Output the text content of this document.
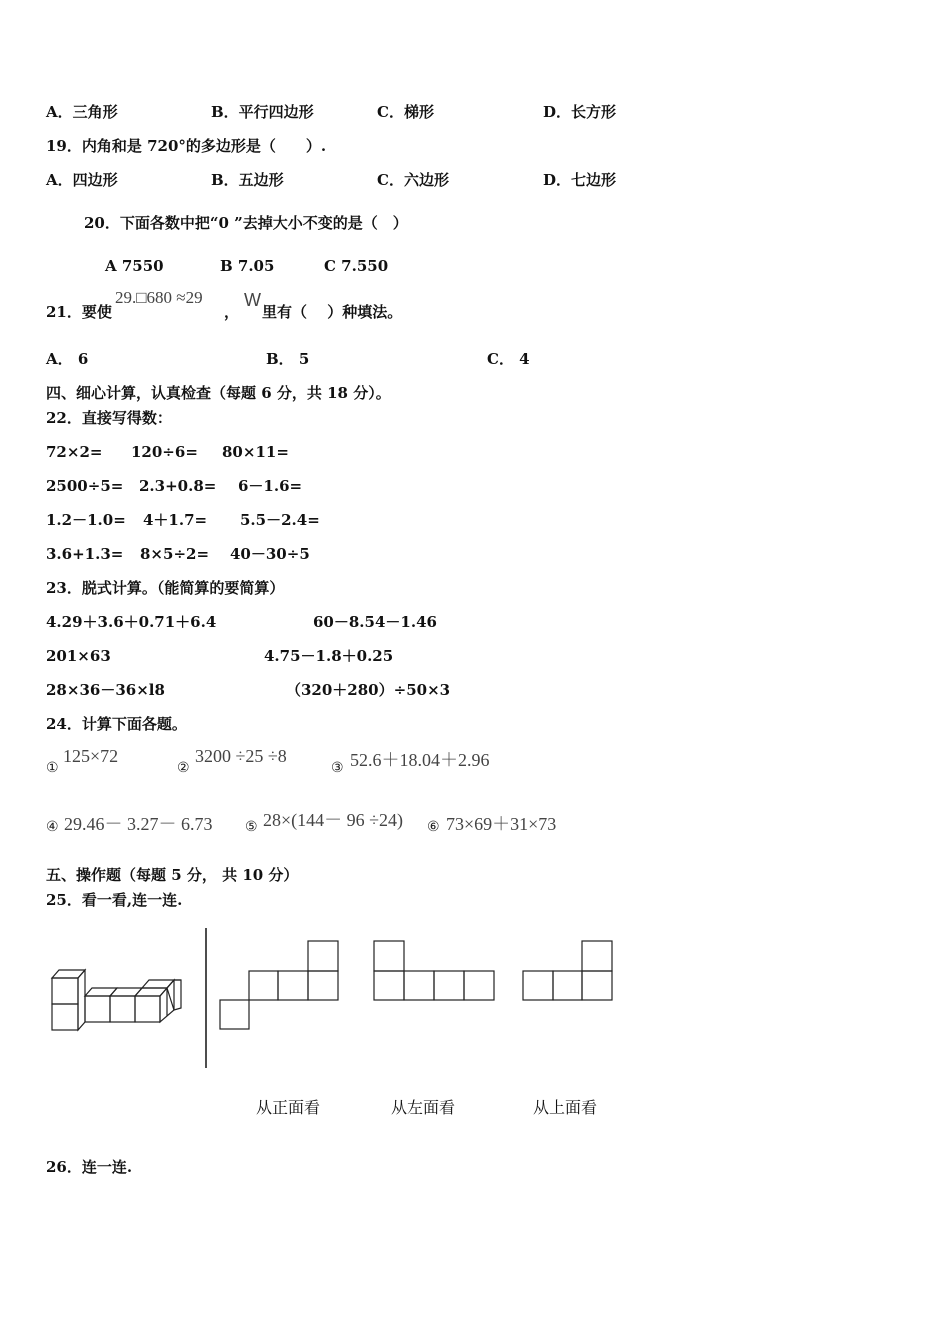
A．三角形	B．平行四边形	C．梯形	D．长方形
19．内角和是 720°的多边形是（　　）.
A．四边形	B．五边形	C．六边形	D．七边形
20．下面各数中把“0 ”去掉大小不变的是（　）
A 7550	B 7.05	C 7.550
21．要使
29.□680 ≈29
，
W
里有（　 ）种填法。
A． 6	B． 5	C． 4
四、细心计算，认真检查（每题 6 分，共 18 分）。
22．直接写得数：
72×2= 120÷6= 80×11=
2500÷5= 2.3+0.8= 6－1.6=
1.2－1.0= 4＋1.7= 5.5－2.4=
3.6+1.3= 8×5÷2= 40－30÷5
23．脱式计算。（能简算的要简算）
4.29＋3.6＋0.71＋6.4	60－8.54－1.46
201×63	4.75－1.8＋0.25
28×36－36×l8	（320＋280）÷50×3
24．计算下面各题。
①
125×72
②
3200 ÷25 ÷8
③ 52.6＋18.04＋2.96
④ 29.46－ 3.27－ 6.73 ⑤ 28×(144－ 96 ÷24) ⑥ 73×69＋31×73
五、操作题（每题 5 分， 共 10 分）
25．看一看,连一连.
从正面看	从左面看	从上面看
26．连一连.
